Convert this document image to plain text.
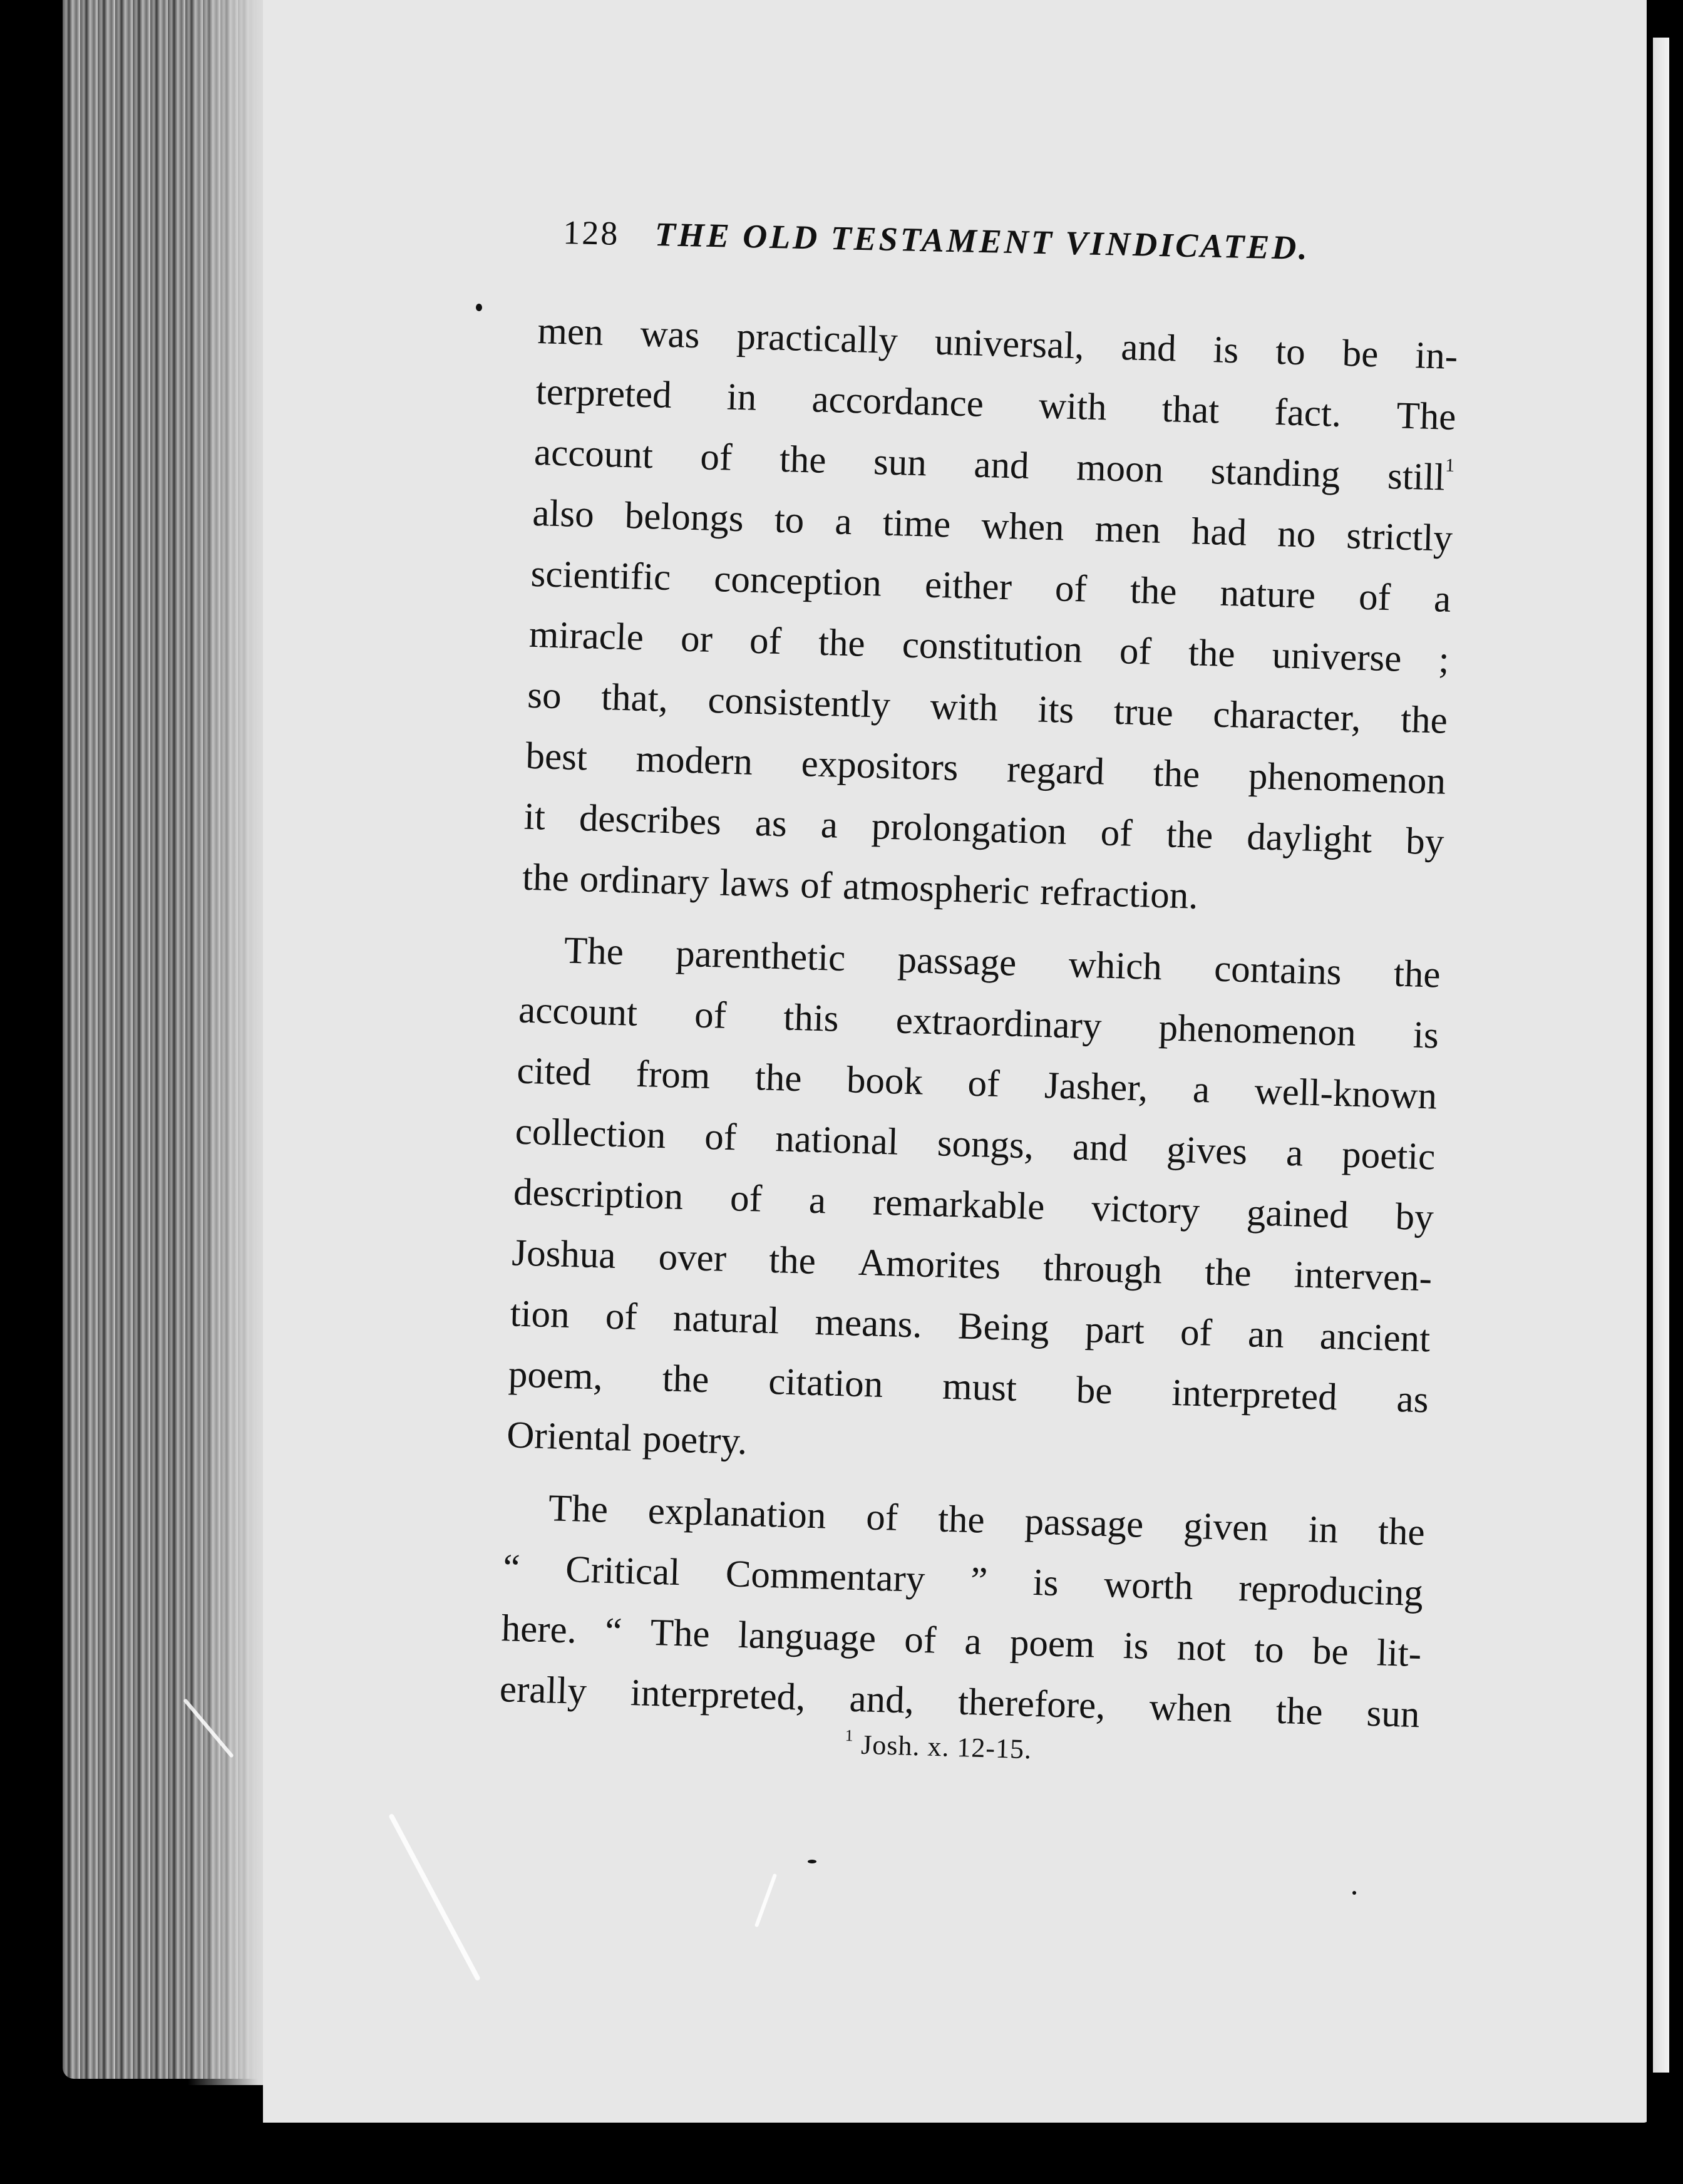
128 THE OLD TESTAMENT VINDICATED.
men was practically universal, and is to be in-
terpreted in accordance with that fact. The
account of the sun and moon standing still$^1$
also belongs to a time when men had no strictly
scientific conception either of the nature of a
miracle or of the constitution of the universe ;
so that, consistently with its true character, the
best modern expositors regard the phenomenon
it describes as a prolongation of the daylight by
the ordinary laws of atmospheric refraction.
The parenthetic passage which contains the
account of this extraordinary phenomenon is
cited from the book of Jasher, a well-known
collection of national songs, and gives a poetic
description of a remarkable victory gained by
Joshua over the Amorites through the interven-
tion of natural means. Being part of an ancient
poem, the citation must be interpreted as
Oriental poetry.
The explanation of the passage given in the
“ Critical Commentary ” is worth reproducing
here. “ The language of a poem is not to be lit-
erally interpreted, and, therefore, when the sun
$^1$ Josh. x. 12-15.
